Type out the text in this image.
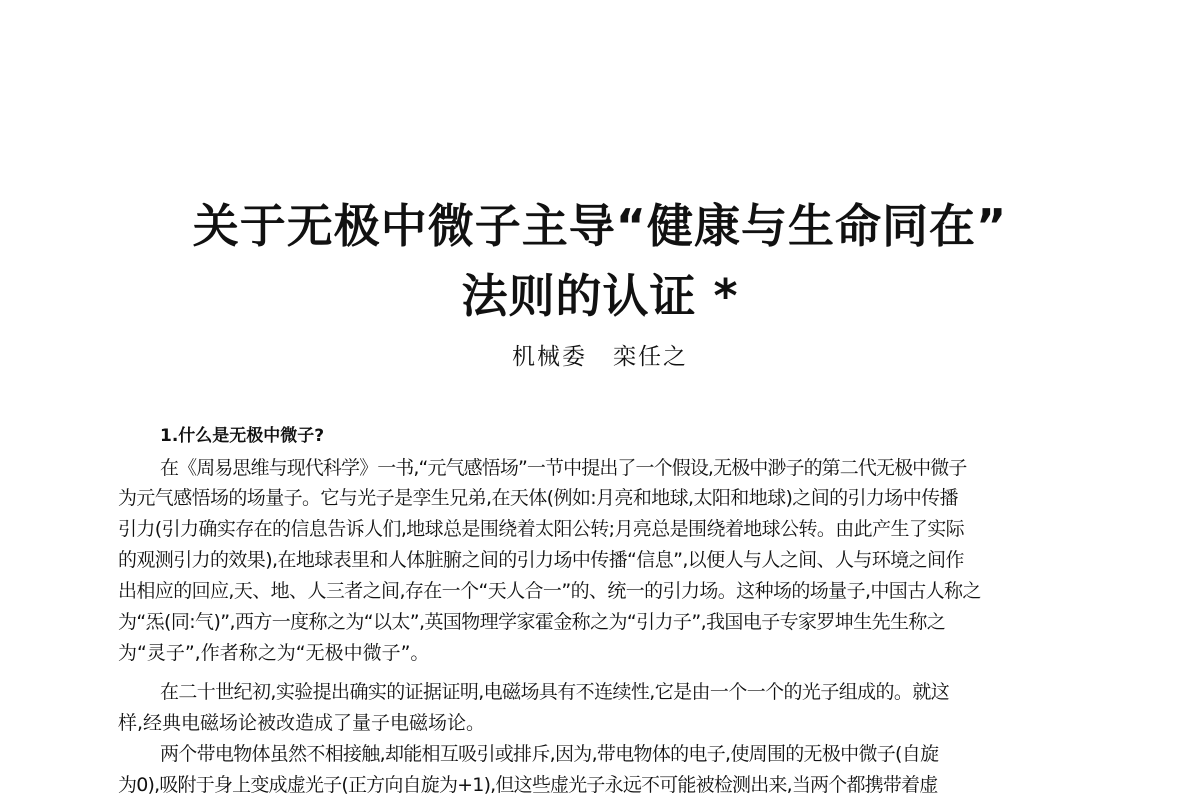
关于无极中微子主导“健康与生命同在”
法则的认证 *
机械委 栾任之
1.什么是无极中微子?
在《周易思维与现代科学》一书,“元气感悟场”一节中提出了一个假设,无极中渺子的第二代无极中微子
为元气感悟场的场量子。它与光子是孪生兄弟,在天体(例如:月亮和地球,太阳和地球)之间的引力场中传播
引力(引力确实存在的信息告诉人们,地球总是围绕着太阳公转;月亮总是围绕着地球公转。由此产生了实际
的观测引力的效果),在地球表里和人体脏腑之间的引力场中传播“信息”,以便人与人之间、人与环境之间作
出相应的回应,天、地、人三者之间,存在一个“天人合一”的、统一的引力场。这种场的场量子,中国古人称之
为“炁(同:气)”,西方一度称之为“以太”,英国物理学家霍金称之为“引力子”,我国电子专家罗坤生先生称之
为“灵子”,作者称之为“无极中微子”。
在二十世纪初,实验提出确实的证据证明,电磁场具有不连续性,它是由一个一个的光子组成的。就这
样,经典电磁场论被改造成了量子电磁场论。
两个带电物体虽然不相接触,却能相互吸引或排斥,因为,带电物体的电子,使周围的无极中微子(自旋
为0),吸附于身上变成虚光子(正方向自旋为+1),但这些虚光子永远不可能被检测出来,当两个都携带着虚
